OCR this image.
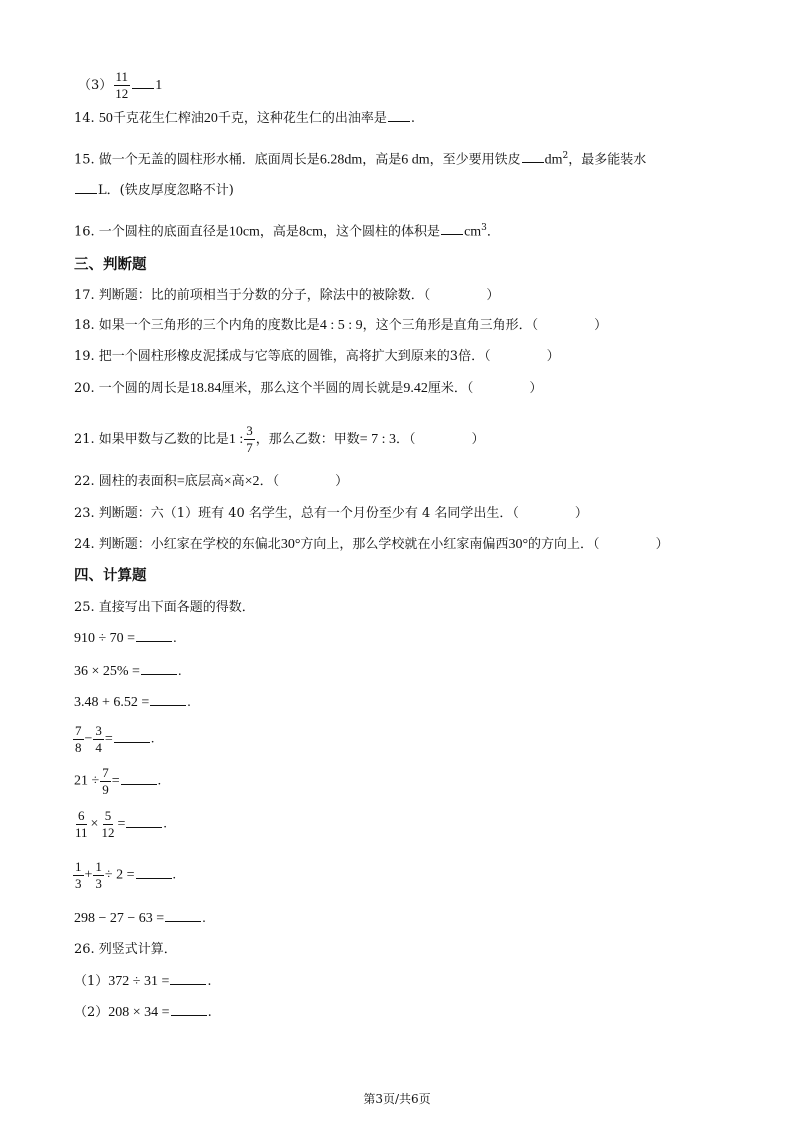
$(3) \frac{11}{12} 1$
14. 50千克花生仁榨油20千克，这种花生仁的出油率是 .
15. 做一个无盖的圆柱形水桶．底面周长是6.28dm，高是6 dm，至少要用铁皮 $dm^2$，最多能装水
L．(铁皮厚度忽略不计)
16. 一个圆柱的底面直径是10cm，高是8cm，这个圆柱的体积是 $cm^3$．
三、判断题
17. 判断题：比的前项相当于分数的分子，除法中的被除数．（	）
18. 如果一个三角形的三个内角的度数比是4 : 5 : 9，这个三角形是直角三角形．（	）
19. 把一个圆柱形橡皮泥揉成与它等底的圆锥，高将扩大到原来的3倍．（	）
20. 一个圆的周长是18.84厘米，那么这个半圆的周长就是9.42厘米．（	）
21. 如果甲数与乙数的比是1 : $\frac{3}{7}$ ，那么乙数：甲数= 7 : 3．（	）
22. 圆柱的表面积=底层高×高×2．（	）
23. 判断题：六（1）班有 40 名学生，总有一个月份至少有 4 名同学出生．（	）
24. 判断题：小红家在学校的东偏北30°方向上，那么学校就在小红家南偏西30°的方向上．（	）
四、计算题
25. 直接写出下面各题的得数．
910 ÷ 70 =	.
36 × 25% =	.
3.48 + 6.52 =	.
$\frac{7}{8} - \frac{3}{4}$ =	.
$21 \div \frac{7}{9}$ =	.
$\frac{6}{11} \times \frac{5}{12}$ =	.
$\frac{1}{3} + \frac{1}{3} \div 2$ =	.
298 − 27 − 63 =	.
26. 列竖式计算．
（1）372 ÷ 31 =	.
（2）208 × 34 =	.
第3页/共6页
